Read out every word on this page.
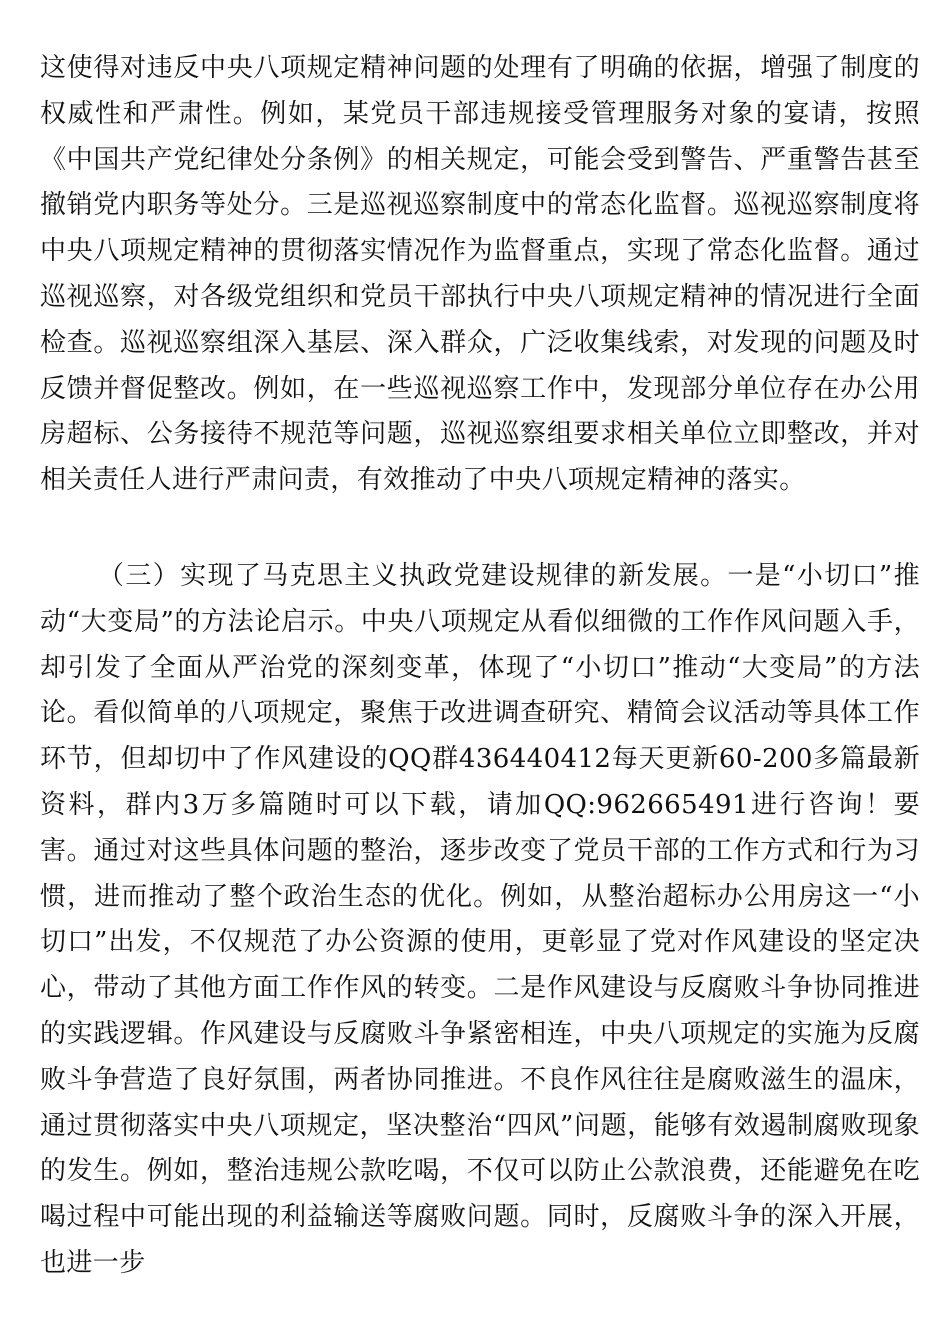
这使得对违反中央八项规定精神问题的处理有了明确的依据，增强了制度的权威性和严肃性。例如，某党员干部违规接受管理服务对象的宴请，按照《中国共产党纪律处分条例》的相关规定，可能会受到警告、严重警告甚至撤销党内职务等处分。三是巡视巡察制度中的常态化监督。巡视巡察制度将中央八项规定精神的贯彻落实情况作为监督重点，实现了常态化监督。通过巡视巡察，对各级党组织和党员干部执行中央八项规定精神的情况进行全面检查。巡视巡察组深入基层、深入群众，广泛收集线索，对发现的问题及时反馈并督促整改。例如，在一些巡视巡察工作中，发现部分单位存在办公用房超标、公务接待不规范等问题，巡视巡察组要求相关单位立即整改，并对相关责任人进行严肃问责，有效推动了中央八项规定精神的落实。

（三）实现了马克思主义执政党建设规律的新发展。一是“小切口”推动“大变局”的方法论启示。中央八项规定从看似细微的工作作风问题入手，却引发了全面从严治党的深刻变革，体现了“小切口”推动“大变局”的方法论。看似简单的八项规定，聚焦于改进调查研究、精简会议活动等具体工作环节，但却切中了作风建设的QQ群436440412每天更新60-200多篇最新资料，群内3万多篇随时可以下载，请加QQ:962665491进行咨询！要害。通过对这些具体问题的整治，逐步改变了党员干部的工作方式和行为习惯，进而推动了整个政治生态的优化。例如，从整治超标办公用房这一“小切口”出发，不仅规范了办公资源的使用，更彰显了党对作风建设的坚定决心，带动了其他方面工作作风的转变。二是作风建设与反腐败斗争协同推进的实践逻辑。作风建设与反腐败斗争紧密相连，中央八项规定的实施为反腐败斗争营造了良好氛围，两者协同推进。不良作风往往是腐败滋生的温床，通过贯彻落实中央八项规定，坚决整治“四风”问题，能够有效遏制腐败现象的发生。例如，整治违规公款吃喝，不仅可以防止公款浪费，还能避免在吃喝过程中可能出现的利益输送等腐败问题。同时，反腐败斗争的深入开展，也进一步
